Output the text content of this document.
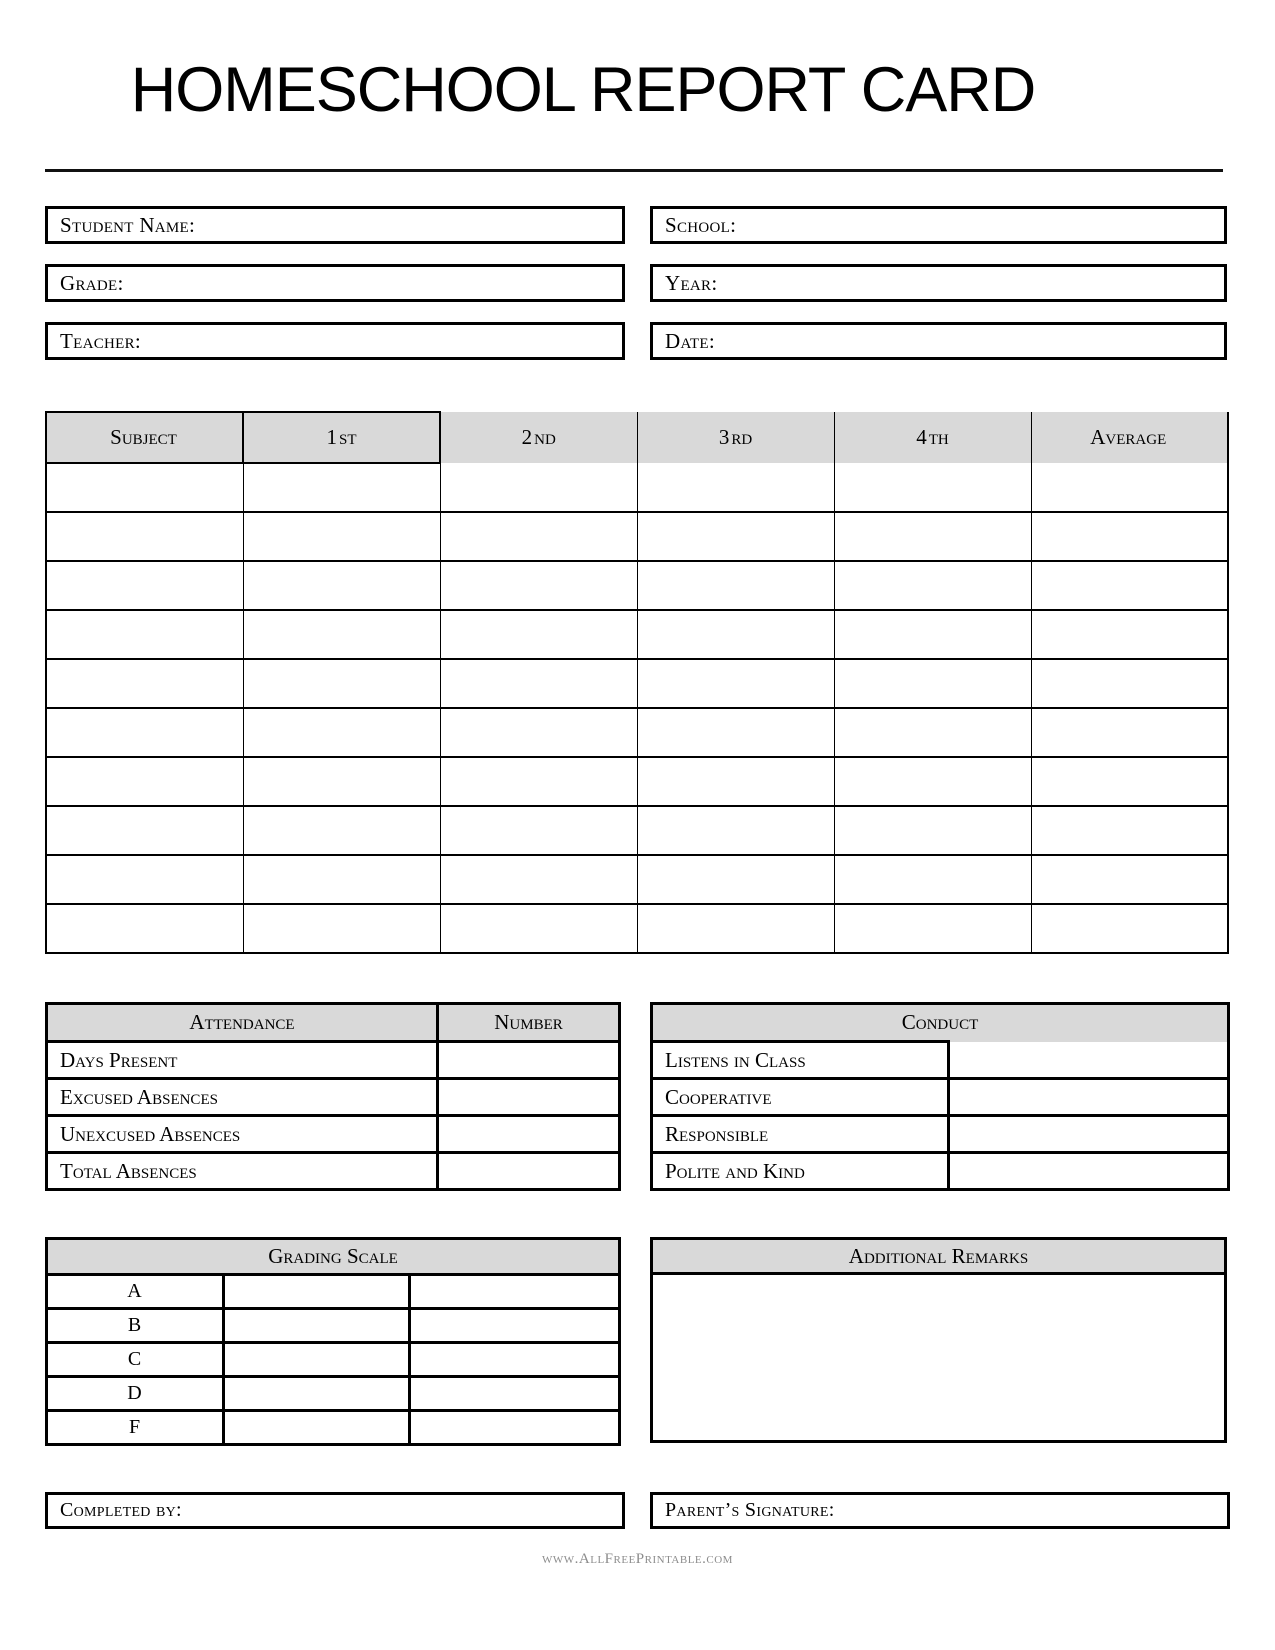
HOMESCHOOL REPORT CARD
Student Name:	School:
Grade:	Year:
Teacher:	Date:
Subject	1 ST	2 ND	3 RD	4 TH	Average

Attendance	Number
Days Present	
Excused Absences	
Unexcused Absences	
Total Absences	
Conduct	
Listens in Class	
Cooperative	
Responsible	
Polite and Kind	
Grading Scale		
A		
B		
C		
D		
F		
Additional Remarks
Completed by:	Parent’s Signature:
www.AllFreePrintable.com
